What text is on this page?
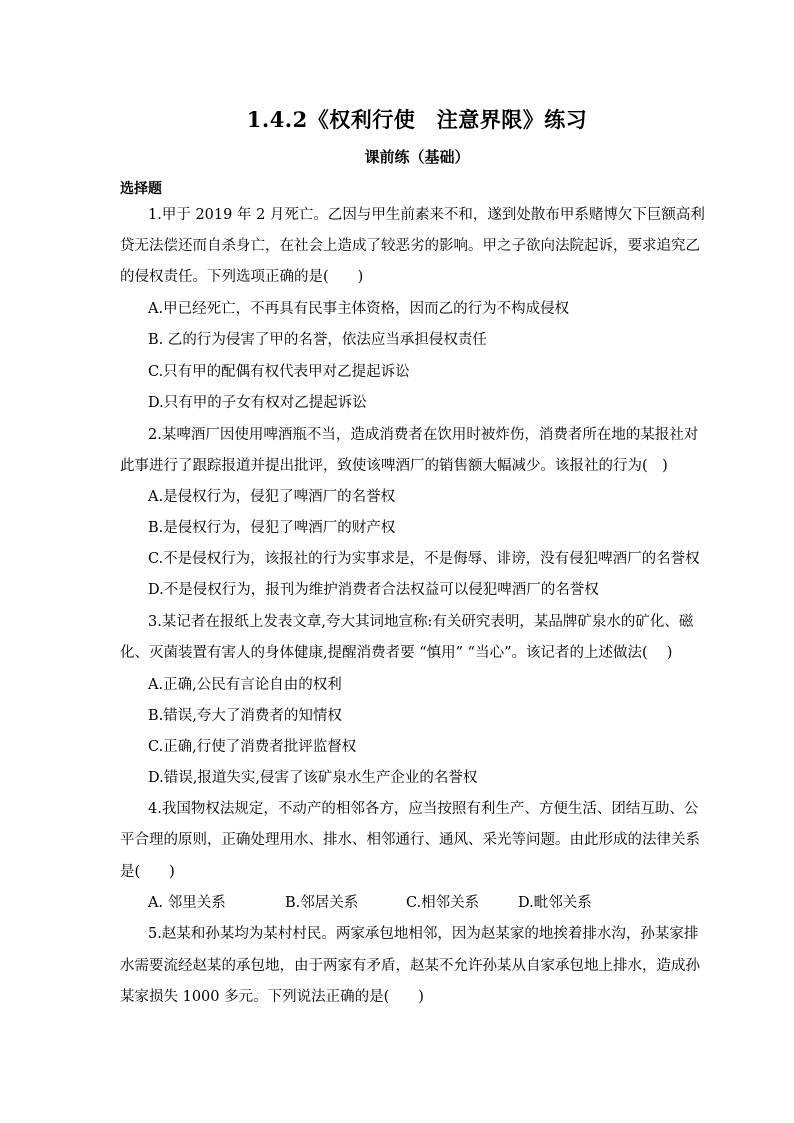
1.4.2《权利行使　注意界限》练习
课前练（基础）
选择题
1.甲于 2019 年 2 月死亡。乙因与甲生前素来不和，遂到处散布甲系赌博欠下巨额高利
贷无法偿还而自杀身亡，在社会上造成了较恶劣的影响。甲之子欲向法院起诉，要求追究乙
的侵权责任。下列选项正确的是(　　)
A.甲已经死亡，不再具有民事主体资格，因而乙的行为不构成侵权
B. 乙的行为侵害了甲的名誉，依法应当承担侵权责任
C.只有甲的配偶有权代表甲对乙提起诉讼
D.只有甲的子女有权对乙提起诉讼
2.某啤酒厂因使用啤酒瓶不当，造成消费者在饮用时被炸伤，消费者所在地的某报社对
此事进行了跟踪报道并提出批评，致使该啤酒厂的销售额大幅减少。该报社的行为(　)
A.是侵权行为，侵犯了啤酒厂的名誉权
B.是侵权行为，侵犯了啤酒厂的财产权
C.不是侵权行为，该报社的行为实事求是，不是侮辱、诽谤，没有侵犯啤酒厂的名誉权
D.不是侵权行为，报刊为维护消费者合法权益可以侵犯啤酒厂的名誉权
3.某记者在报纸上发表文章,夸大其词地宣称:有关研究表明，某品牌矿泉水的矿化、磁
化、灭菌装置有害人的身体健康,提醒消费者要 “慎用” “当心”。该记者的上述做法(　 )
A.正确,公民有言论自由的权利
B.错误,夸大了消费者的知情权
C.正确,行使了消费者批评监督权
D.错误,报道失实,侵害了该矿泉水生产企业的名誉权
4.我国物权法规定，不动产的相邻各方，应当按照有利生产、方便生活、团结互助、公
平合理的原则，正确处理用水、排水、相邻通行、通风、采光等问题。由此形成的法律关系
是(　　)
A. 邻里关系	B.邻居关系	C.相邻关系	D.毗邻关系
5.赵某和孙某均为某村村民。两家承包地相邻，因为赵某家的地挨着排水沟，孙某家排
水需要流经赵某的承包地，由于两家有矛盾，赵某不允许孙某从自家承包地上排水，造成孙
某家损失 1000 多元。下列说法正确的是(　　)
